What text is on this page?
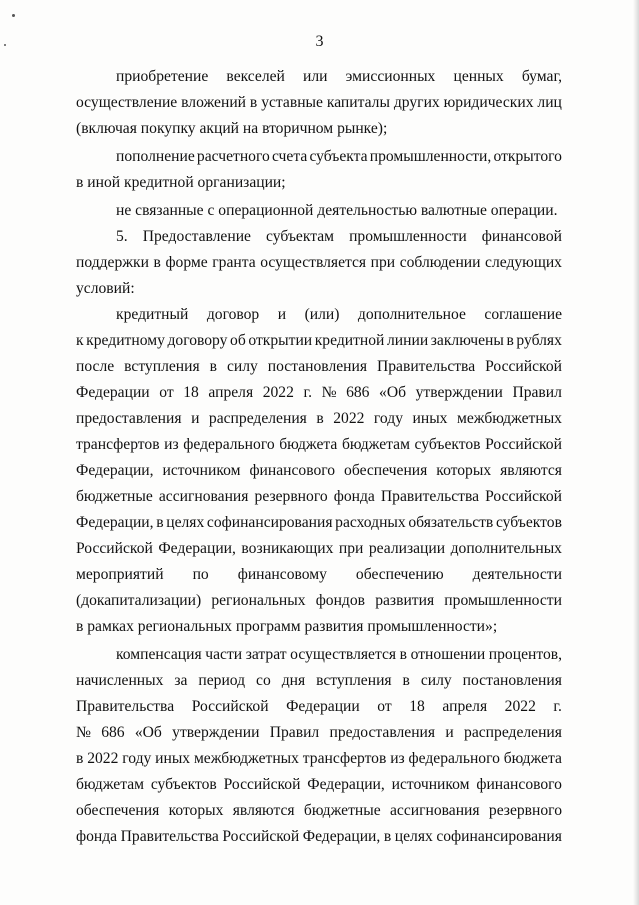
3
приобретение векселей или эмиссионных ценных бумаг,
осуществление вложений в уставные капиталы других юридических лиц
(включая покупку акций на вторичном рынке);
пополнение расчетного счета субъекта промышленности, открытого
в иной кредитной организации;
не связанные с операционной деятельностью валютные операции.
5. Предоставление субъектам промышленности финансовой
поддержки в форме гранта осуществляется при соблюдении следующих
условий:
кредитный договор и (или) дополнительное соглашение
к кредитному договору об открытии кредитной линии заключены в рублях
после вступления в силу постановления Правительства Российской
Федерации от 18 апреля 2022 г. № 686 «Об утверждении Правил
предоставления и распределения в 2022 году иных межбюджетных
трансфертов из федерального бюджета бюджетам субъектов Российской
Федерации, источником финансового обеспечения которых являются
бюджетные ассигнования резервного фонда Правительства Российской
Федерации, в целях софинансирования расходных обязательств субъектов
Российской Федерации, возникающих при реализации дополнительных
мероприятий по финансовому обеспечению деятельности
(докапитализации) региональных фондов развития промышленности
в рамках региональных программ развития промышленности»;
компенсация части затрат осуществляется в отношении процентов,
начисленных за период со дня вступления в силу постановления
Правительства Российской Федерации от 18 апреля 2022 г.
№ 686 «Об утверждении Правил предоставления и распределения
в 2022 году иных межбюджетных трансфертов из федерального бюджета
бюджетам субъектов Российской Федерации, источником финансового
обеспечения которых являются бюджетные ассигнования резервного
фонда Правительства Российской Федерации, в целях софинансирования
